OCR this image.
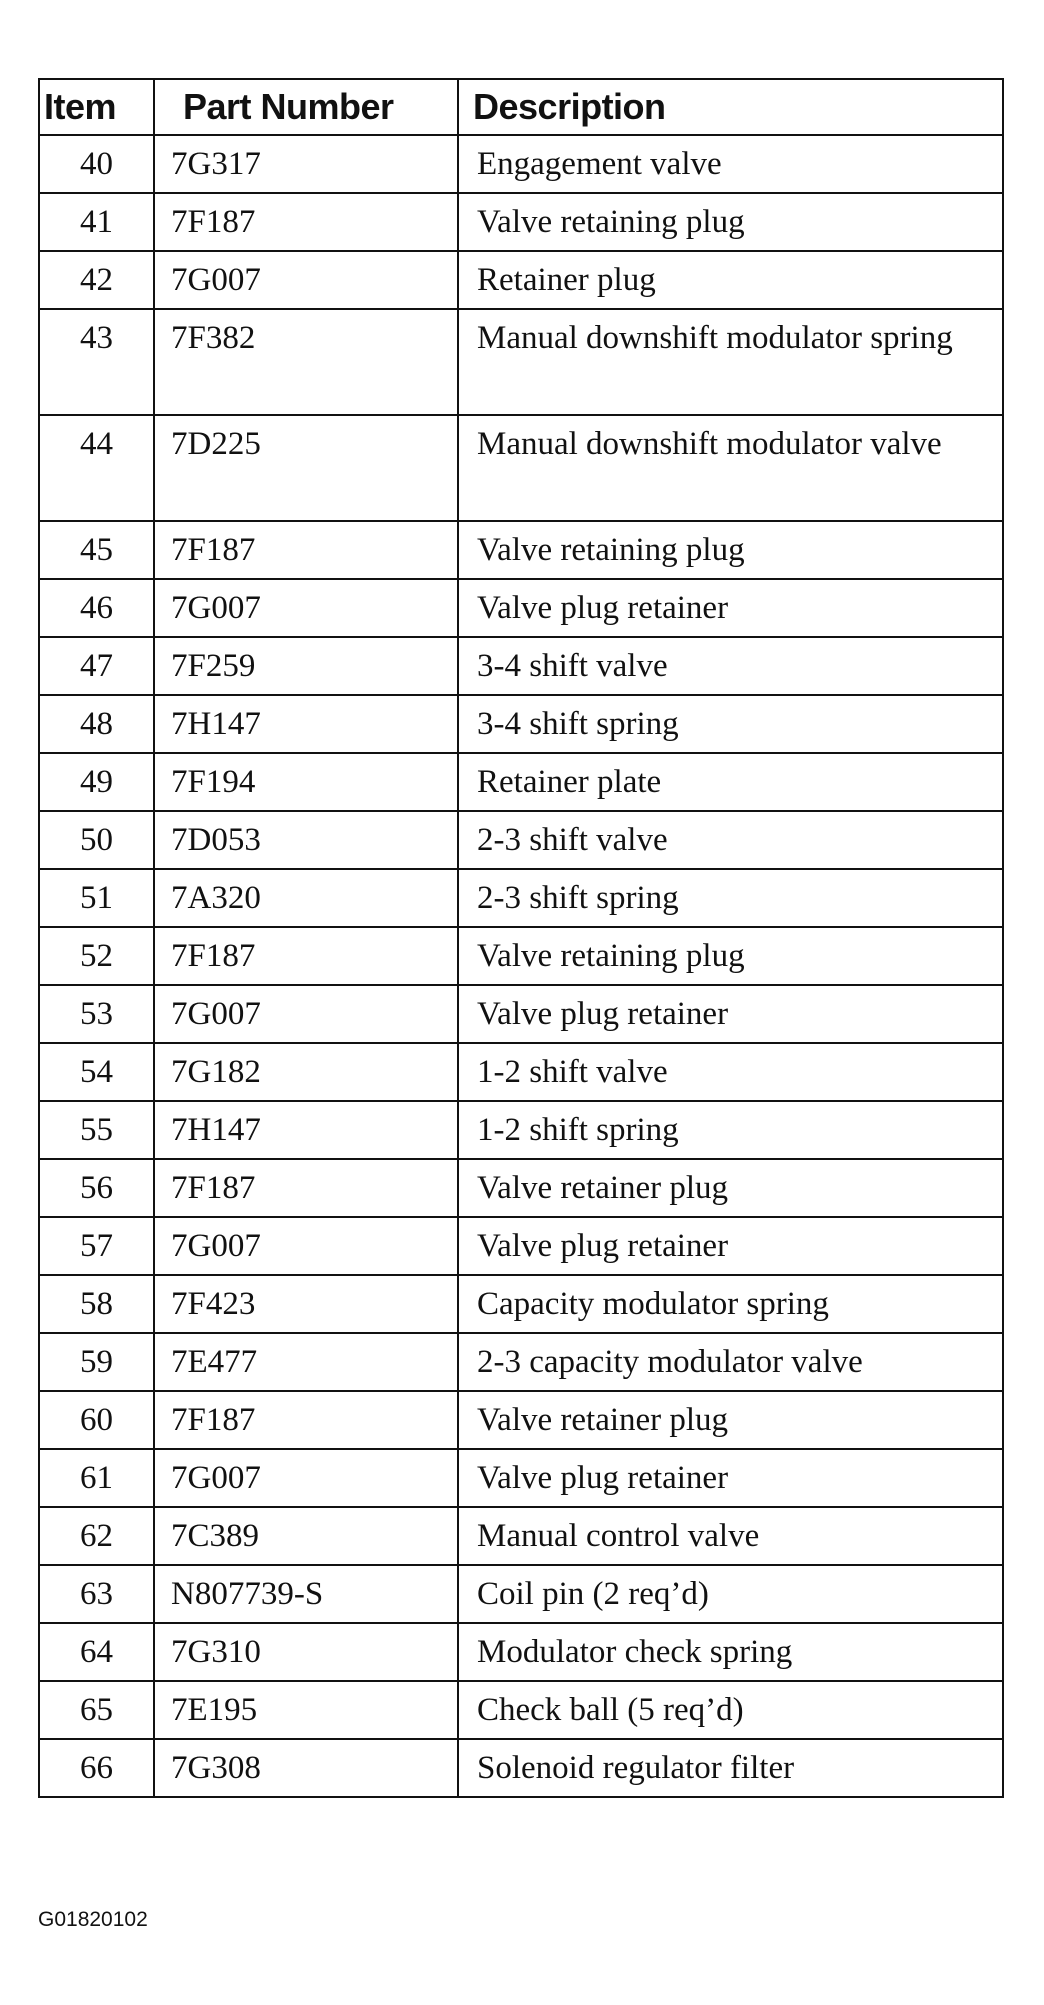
Item	Part Number	Description
40	7G317	Engagement valve
41	7F187	Valve retaining plug
42	7G007	Retainer plug
43	7F382	Manual downshift modulator spring
44	7D225	Manual downshift modulator valve
45	7F187	Valve retaining plug
46	7G007	Valve plug retainer
47	7F259	3-4 shift valve
48	7H147	3-4 shift spring
49	7F194	Retainer plate
50	7D053	2-3 shift valve
51	7A320	2-3 shift spring
52	7F187	Valve retaining plug
53	7G007	Valve plug retainer
54	7G182	1-2 shift valve
55	7H147	1-2 shift spring
56	7F187	Valve retainer plug
57	7G007	Valve plug retainer
58	7F423	Capacity modulator spring
59	7E477	2-3 capacity modulator valve
60	7F187	Valve retainer plug
61	7G007	Valve plug retainer
62	7C389	Manual control valve
63	N807739-S	Coil pin (2 req’d)
64	7G310	Modulator check spring
65	7E195	Check ball (5 req’d)
66	7G308	Solenoid regulator filter
G01820102
